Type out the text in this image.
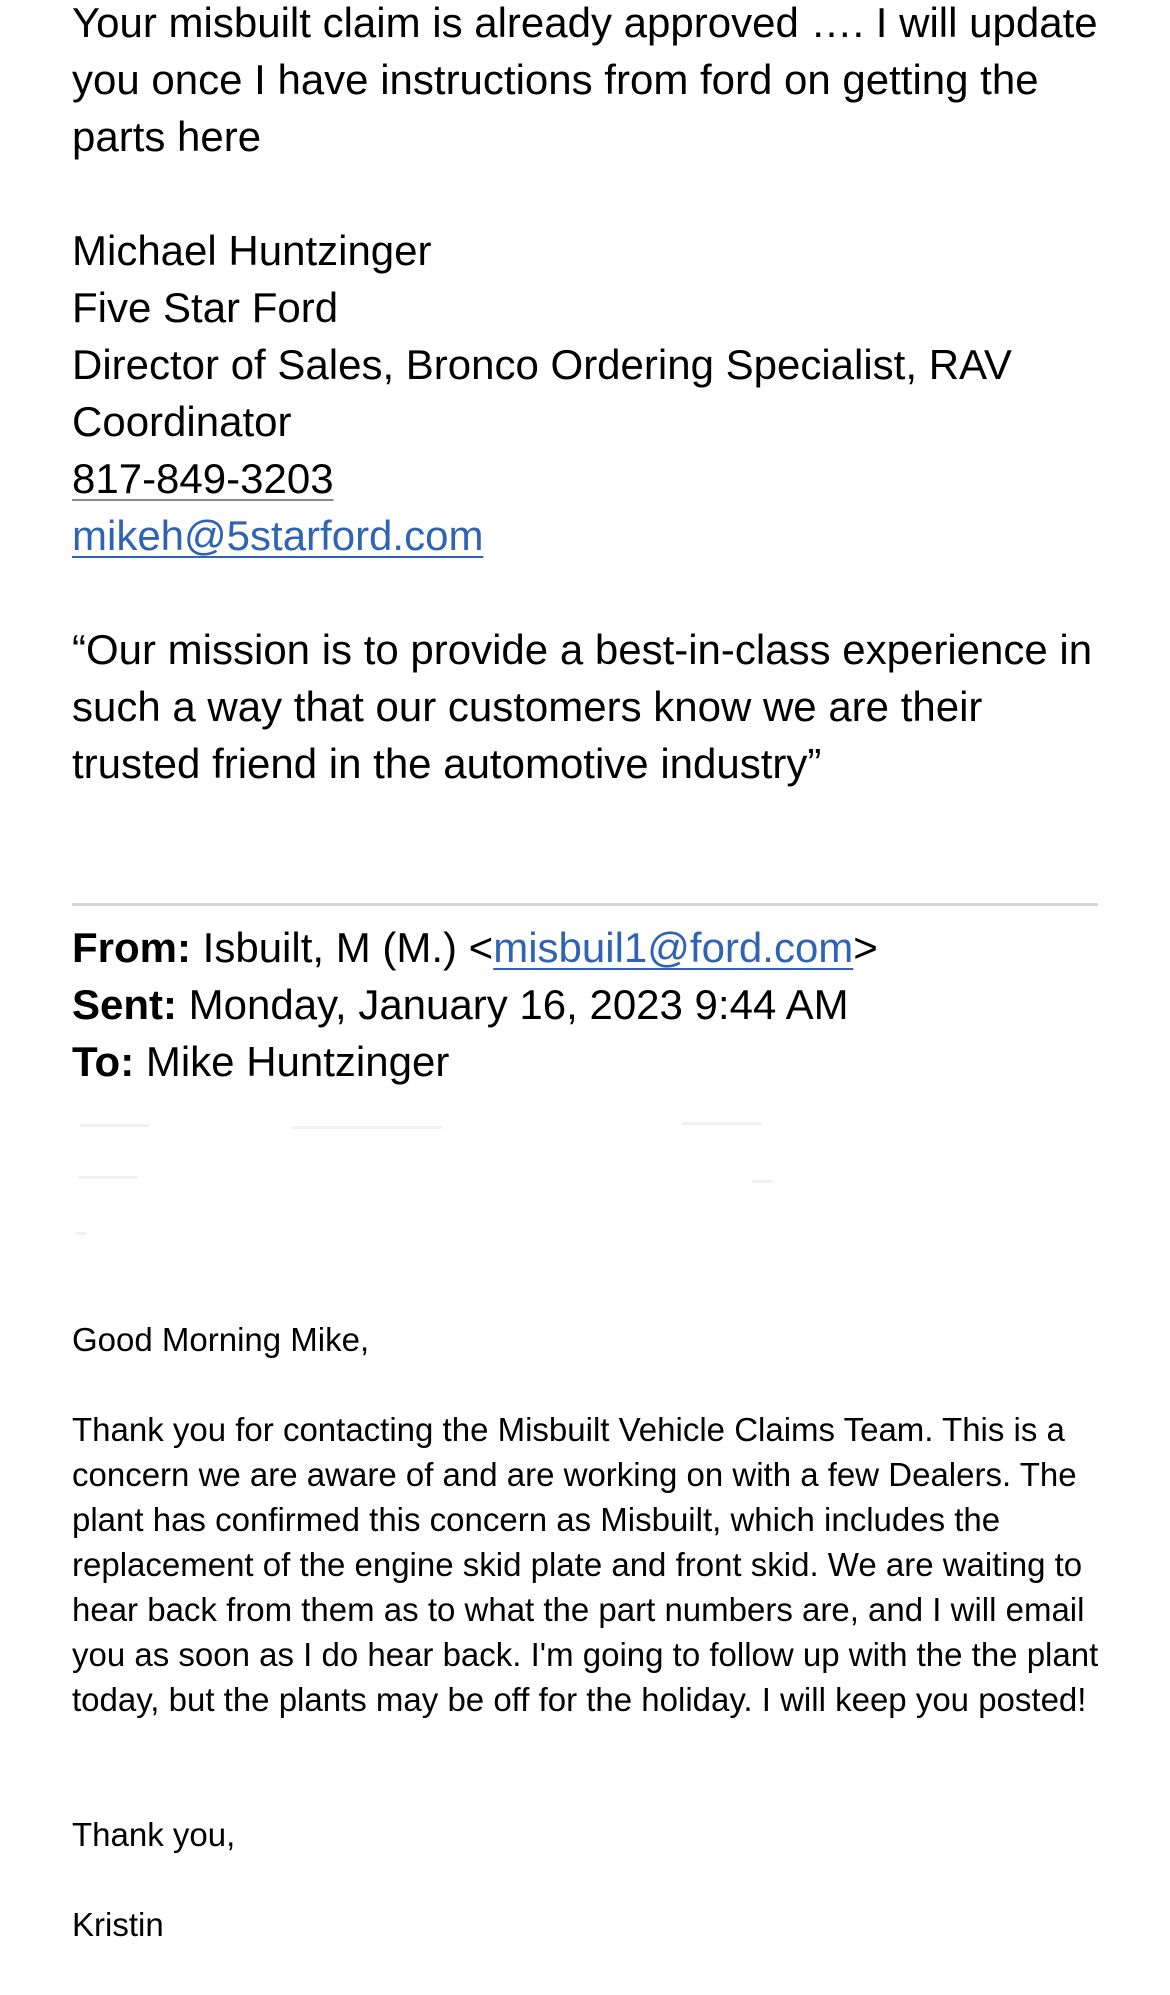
Your misbuilt claim is already approved …. I will update you once I have instructions from ford on getting the parts here

Michael Huntzinger
Five Star Ford
Director of Sales, Bronco Ordering Specialist, RAV Coordinator
817-849-3203
mikeh@5starford.com

“Our mission is to provide a best-in-class experience in such a way that our customers know we are their trusted friend in the automotive industry”

From: Isbuilt, M (M.) <misbuil1@ford.com>
Sent: Monday, January 16, 2023 9:44 AM
To: Mike Huntzinger

Good Morning Mike,

Thank you for contacting the Misbuilt Vehicle Claims Team. This is a concern we are aware of and are working on with a few Dealers. The plant has confirmed this concern as Misbuilt, which includes the replacement of the engine skid plate and front skid. We are waiting to hear back from them as to what the part numbers are, and I will email you as soon as I do hear back. I'm going to follow up with the the plant today, but the plants may be off for the holiday. I will keep you posted!

Thank you,

Kristin
